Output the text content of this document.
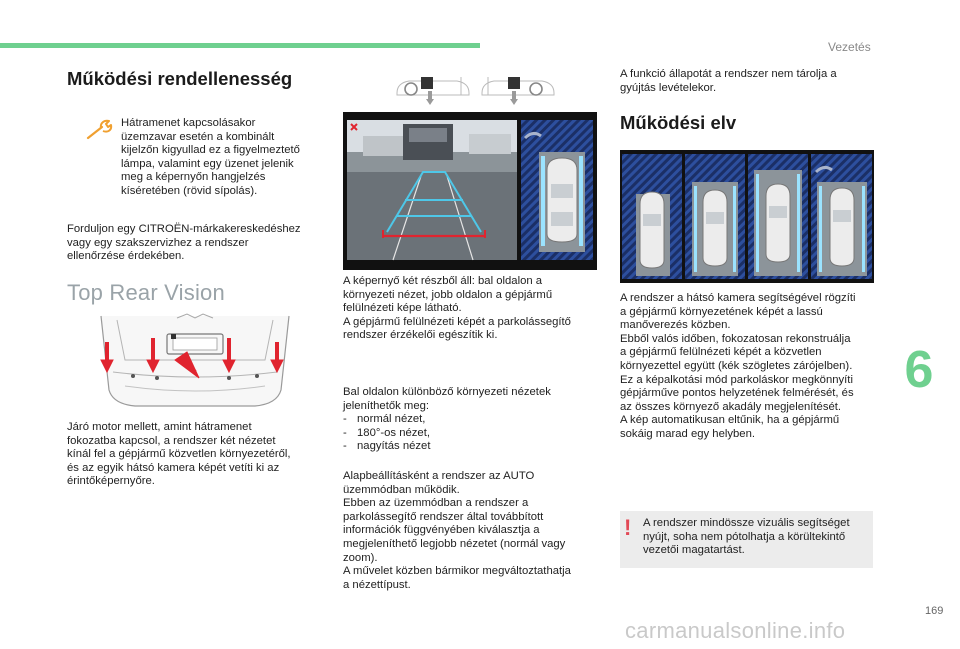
Vezetés
Működési rendellenesség

Hátramenet kapcsolásakor

üzemzavar esetén a kombinált

kijelzőn kigyullad ez a figyelmeztető

lámpa, valamint egy üzenet jelenik

meg a képernyőn hangjelzés

kíséretében (rövid sípolás).

Forduljon egy CITROËN-márkakereskedéshez

vagy egy szakszervizhez a rendszer

ellenőrzése érdekében.

Top Rear Vision

Járó motor mellett, amint hátramenet

fokozatba kapcsol, a rendszer két nézetet

kínál fel a gépjármű közvetlen környezetéről,

és az egyik hátsó kamera képét vetíti ki az

érintőképernyőre.

A képernyő két részből áll: bal oldalon a

környezeti nézet, jobb oldalon a gépjármű

felülnézeti képe látható.

A gépjármű felülnézeti képét a parkolássegítő

rendszer érzékelői egészítik ki.

Bal oldalon különböző környezeti nézetek

jeleníthetők meg:

- normál nézet,

- 180°-os nézet,

- nagyítás nézet

Alapbeállításként a rendszer az AUTO

üzemmódban működik.

Ebben az üzemmódban a rendszer a

parkolássegítő rendszer által továbbított

információk függvényében kiválasztja a

megjeleníthető legjobb nézetet (normál vagy

zoom).

A művelet közben bármikor megváltoztathatja

a nézettípust.

A funkció állapotát a rendszer nem tárolja a

gyújtás levételekor.

Működési elv

A rendszer a hátsó kamera segítségével rögzíti

a gépjármű környezetének képét a lassú

manőverezés közben.

Ebből valós időben, fokozatosan rekonstruálja

a gépjármű felülnézeti képét a közvetlen

környezettel együtt (kék szögletes zárójelben).

Ez a képalkotási mód parkoláskor megkönnyíti

gépjárműve pontos helyzetének felmérését, és

az összes környező akadály megjelenítését.

A kép automatikusan eltűnik, ha a gépjármű

sokáig marad egy helyben.

! A rendszer mindössze vizuális segítséget

nyújt, soha nem pótolhatja a körültekintő

vezetői magatartást.

6
169
carmanualsonline.info
